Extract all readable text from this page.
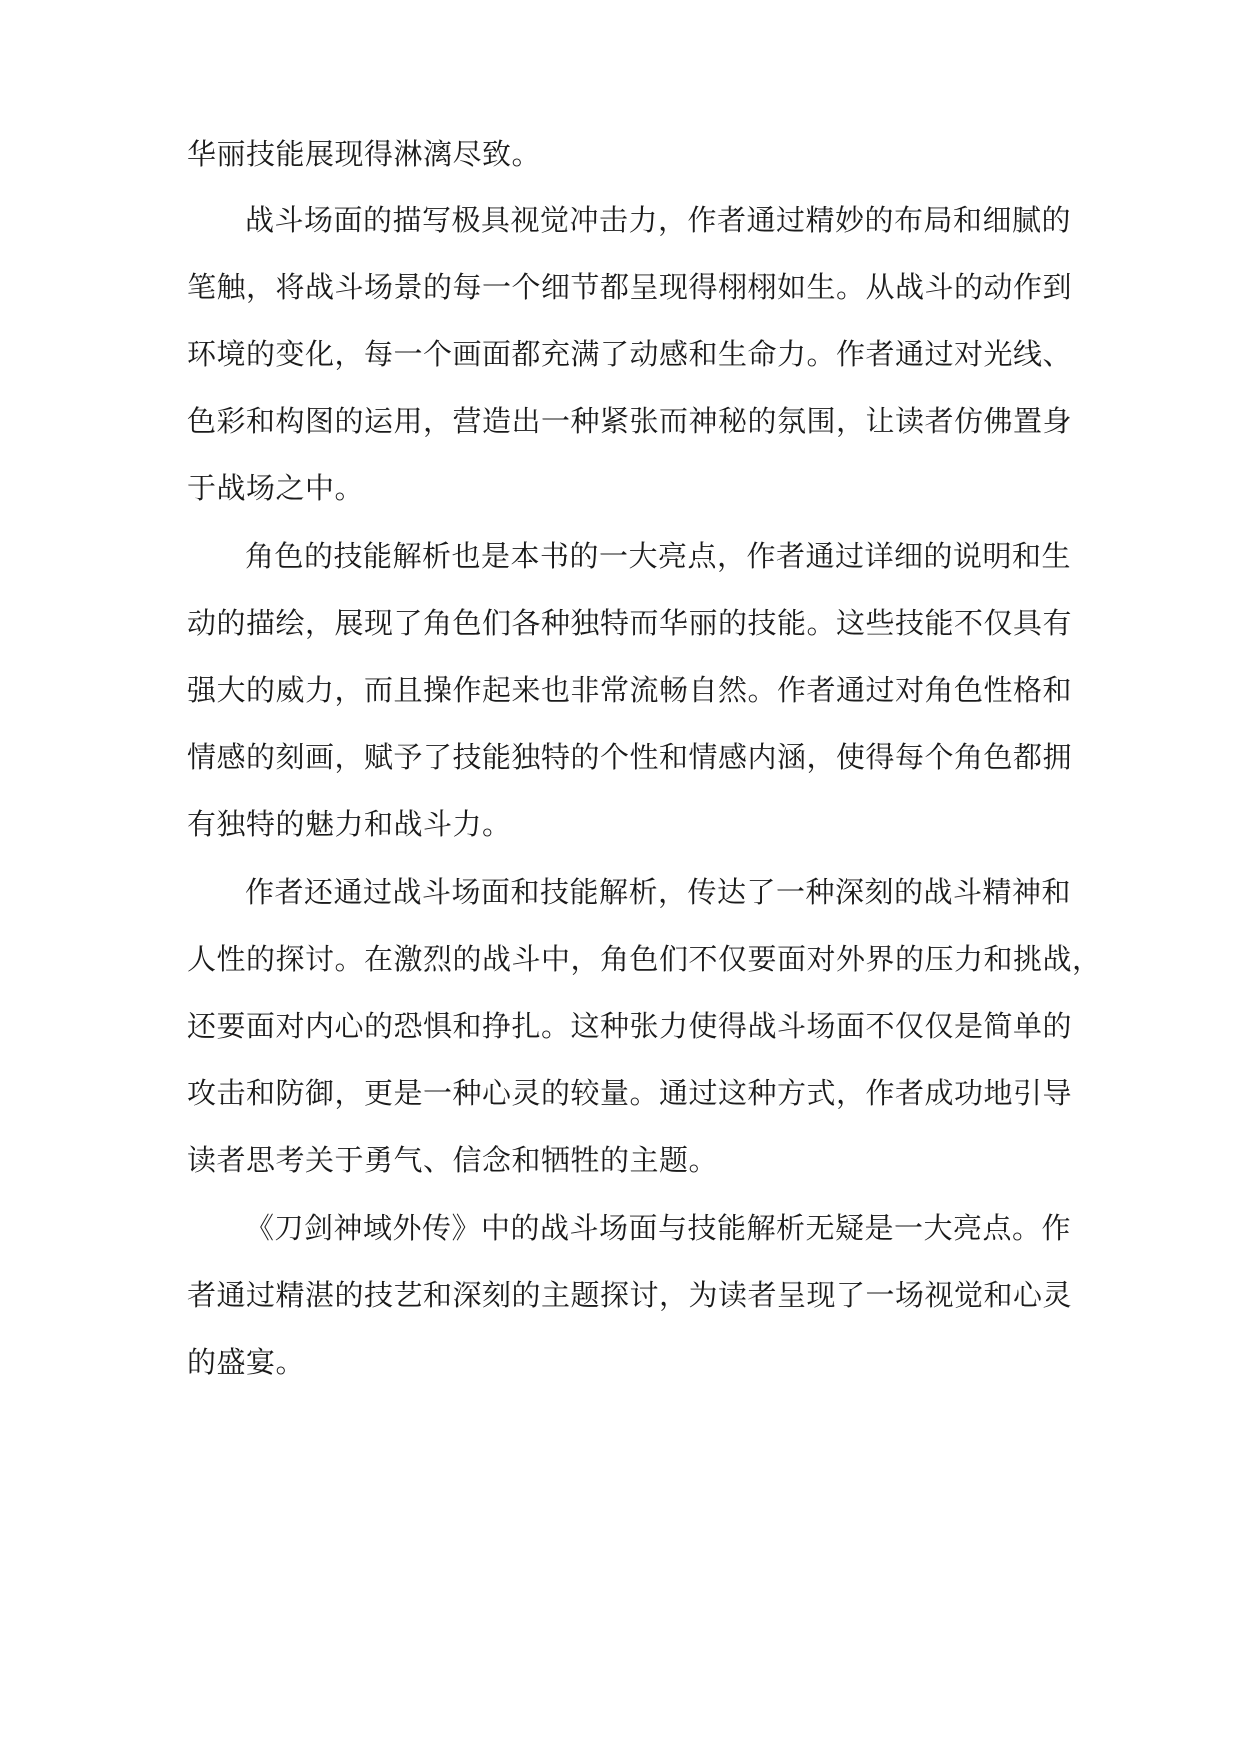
华丽技能展现得淋漓尽致。
战斗场面的描写极具视觉冲击力，作者通过精妙的布局和细腻的
笔触，将战斗场景的每一个细节都呈现得栩栩如生。从战斗的动作到
环境的变化，每一个画面都充满了动感和生命力。作者通过对光线、
色彩和构图的运用，营造出一种紧张而神秘的氛围，让读者仿佛置身
于战场之中。
角色的技能解析也是本书的一大亮点，作者通过详细的说明和生
动的描绘，展现了角色们各种独特而华丽的技能。这些技能不仅具有
强大的威力，而且操作起来也非常流畅自然。作者通过对角色性格和
情感的刻画，赋予了技能独特的个性和情感内涵，使得每个角色都拥
有独特的魅力和战斗力。
作者还通过战斗场面和技能解析，传达了一种深刻的战斗精神和
人性的探讨。在激烈的战斗中，角色们不仅要面对外界的压力和挑战，
还要面对内心的恐惧和挣扎。这种张力使得战斗场面不仅仅是简单的
攻击和防御，更是一种心灵的较量。通过这种方式，作者成功地引导
读者思考关于勇气、信念和牺牲的主题。
《刀剑神域外传》中的战斗场面与技能解析无疑是一大亮点。作
者通过精湛的技艺和深刻的主题探讨，为读者呈现了一场视觉和心灵
的盛宴。
